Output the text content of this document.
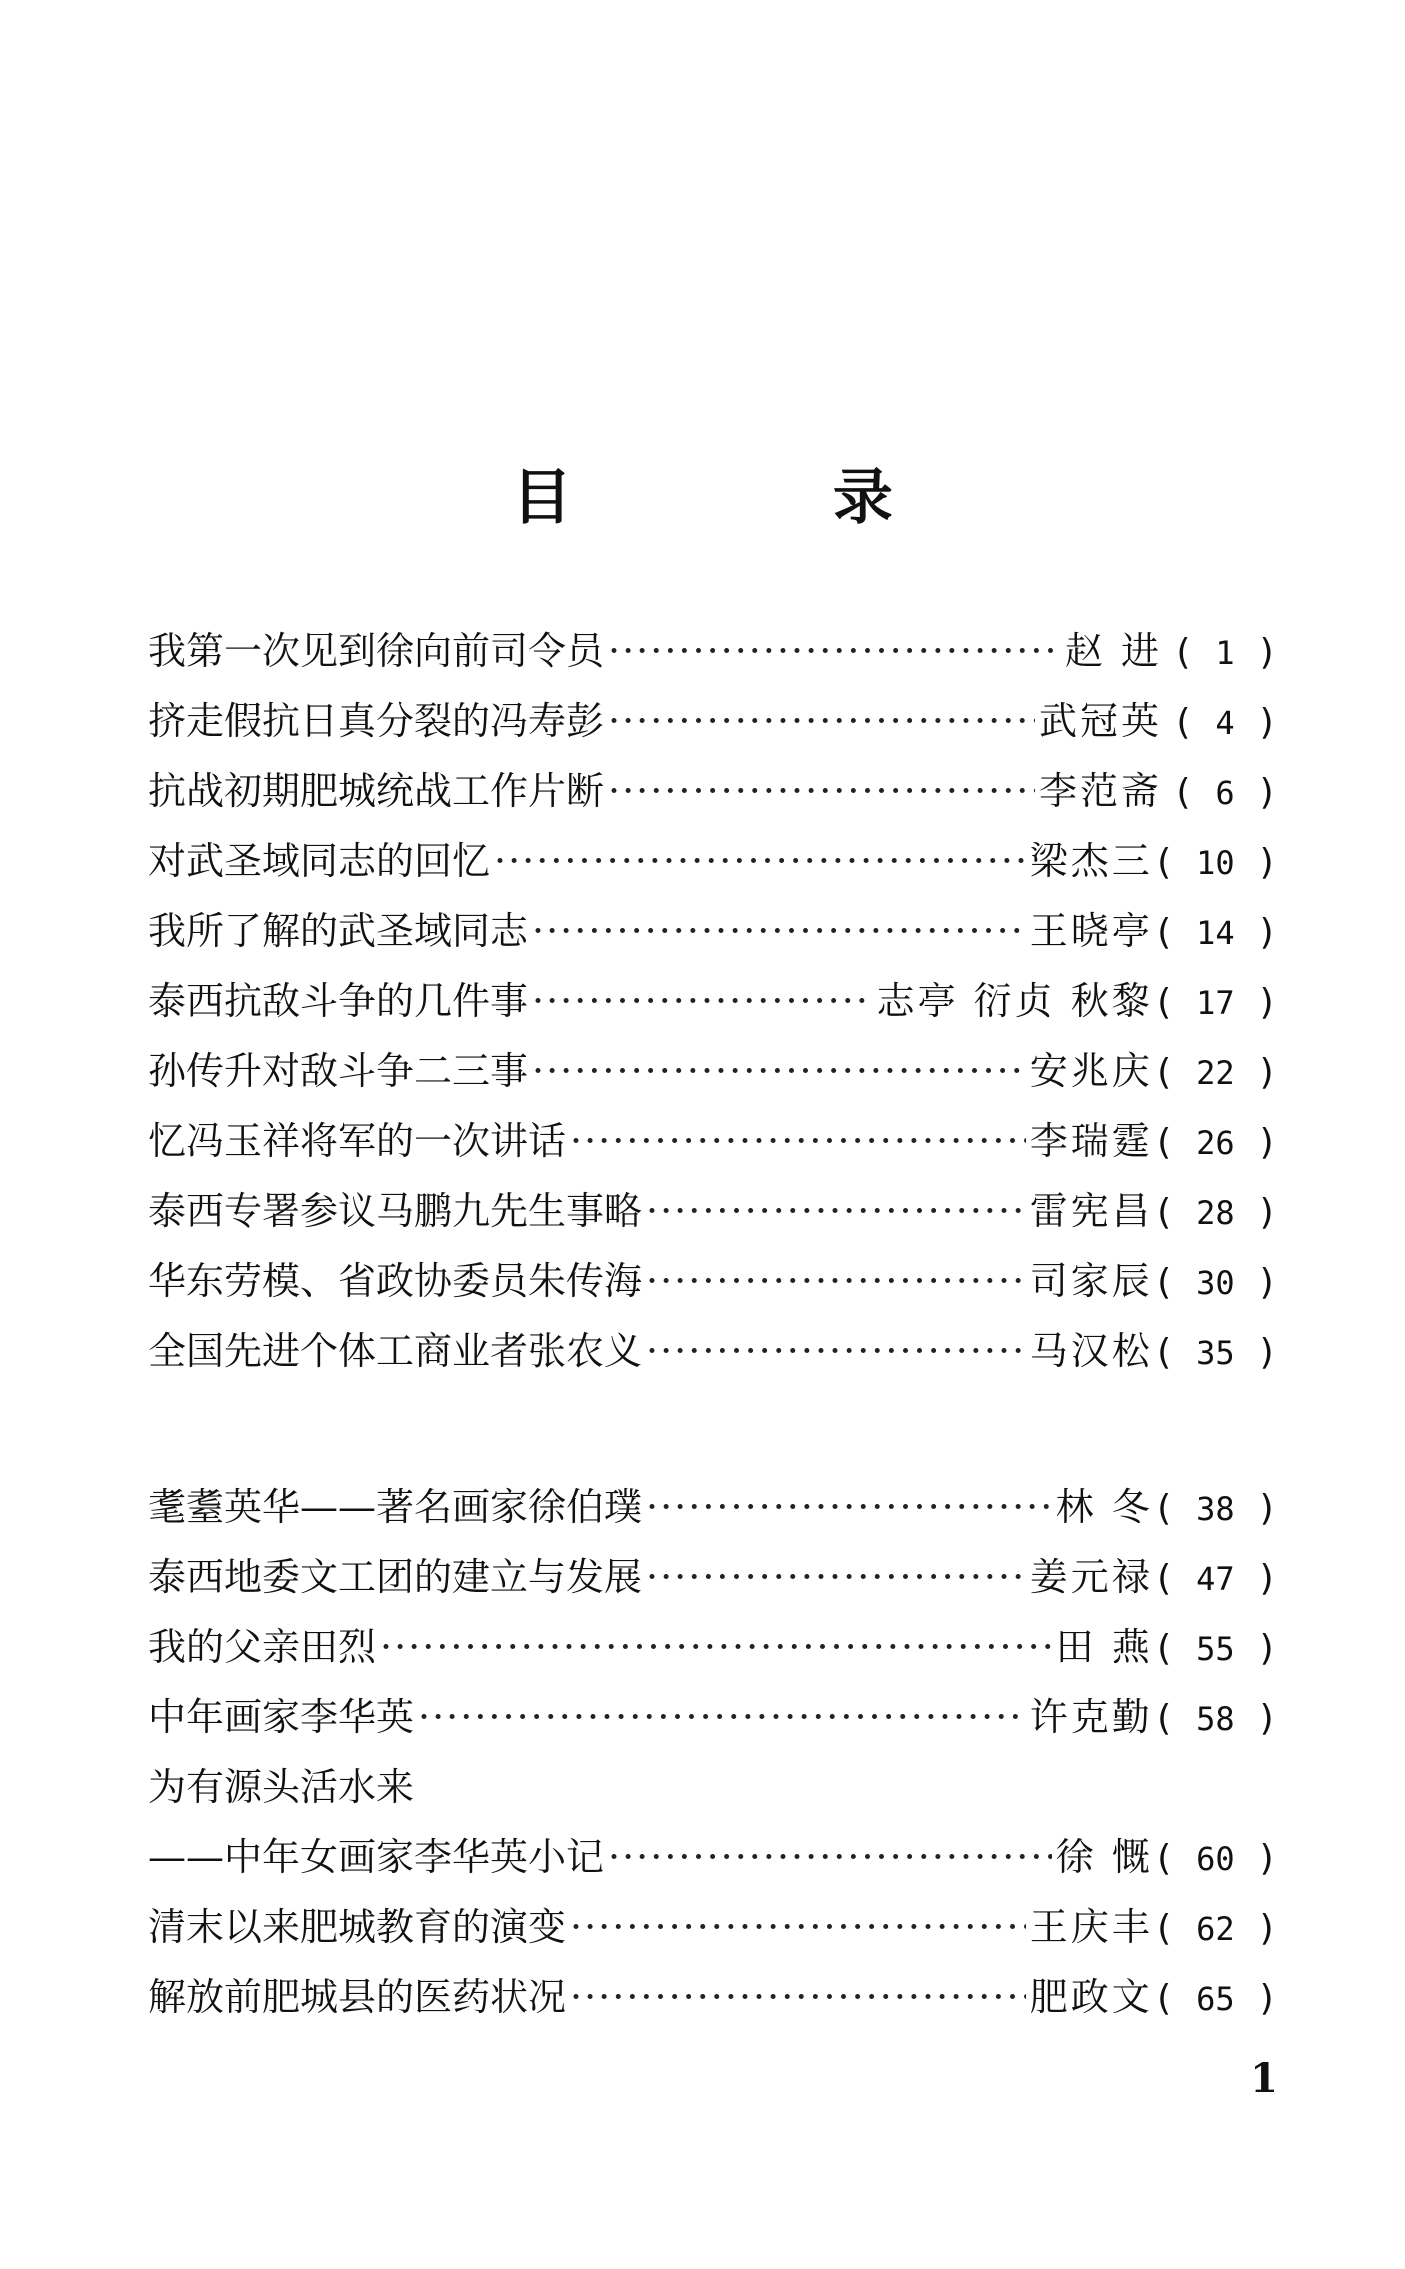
目 录
我第一次见到徐向前司令员 ·····	赵 进	( 1 )
挤走假抗日真分裂的冯寿彭 ·····	武冠英	( 4 )
抗战初期肥城统战工作片断 ·····	李范斋	( 6 )
对武圣域同志的回忆 ·····	梁杰三	( 10 )
我所了解的武圣域同志 ·····	王晓亭	( 14 )
泰西抗敌斗争的几件事 ·····	志亭 衍贞 秋黎	( 17 )
孙传升对敌斗争二三事 ·····	安兆庆	( 22 )
忆冯玉祥将军的一次讲话 ·····	李瑞霆	( 26 )
泰西专署参议马鹏九先生事略 ·····	雷宪昌	( 28 )
华东劳模、省政协委员朱传海 ·····	司家辰	( 30 )
全国先进个体工商业者张农义 ·····	马汉松	( 35 )
耄耋英华——著名画家徐伯璞 ·····	林 冬	( 38 )
泰西地委文工团的建立与发展 ·····	姜元禄	( 47 )
我的父亲田烈 ·····	田 燕	( 55 )
中年画家李华英 ·····	许克勤	( 58 )
为有源头活水来
——中年女画家李华英小记 ·····	徐 慨	( 60 )
清末以来肥城教育的演变 ·····	王庆丰	( 62 )
解放前肥城县的医药状况 ·····	肥政文	( 65 )
1
